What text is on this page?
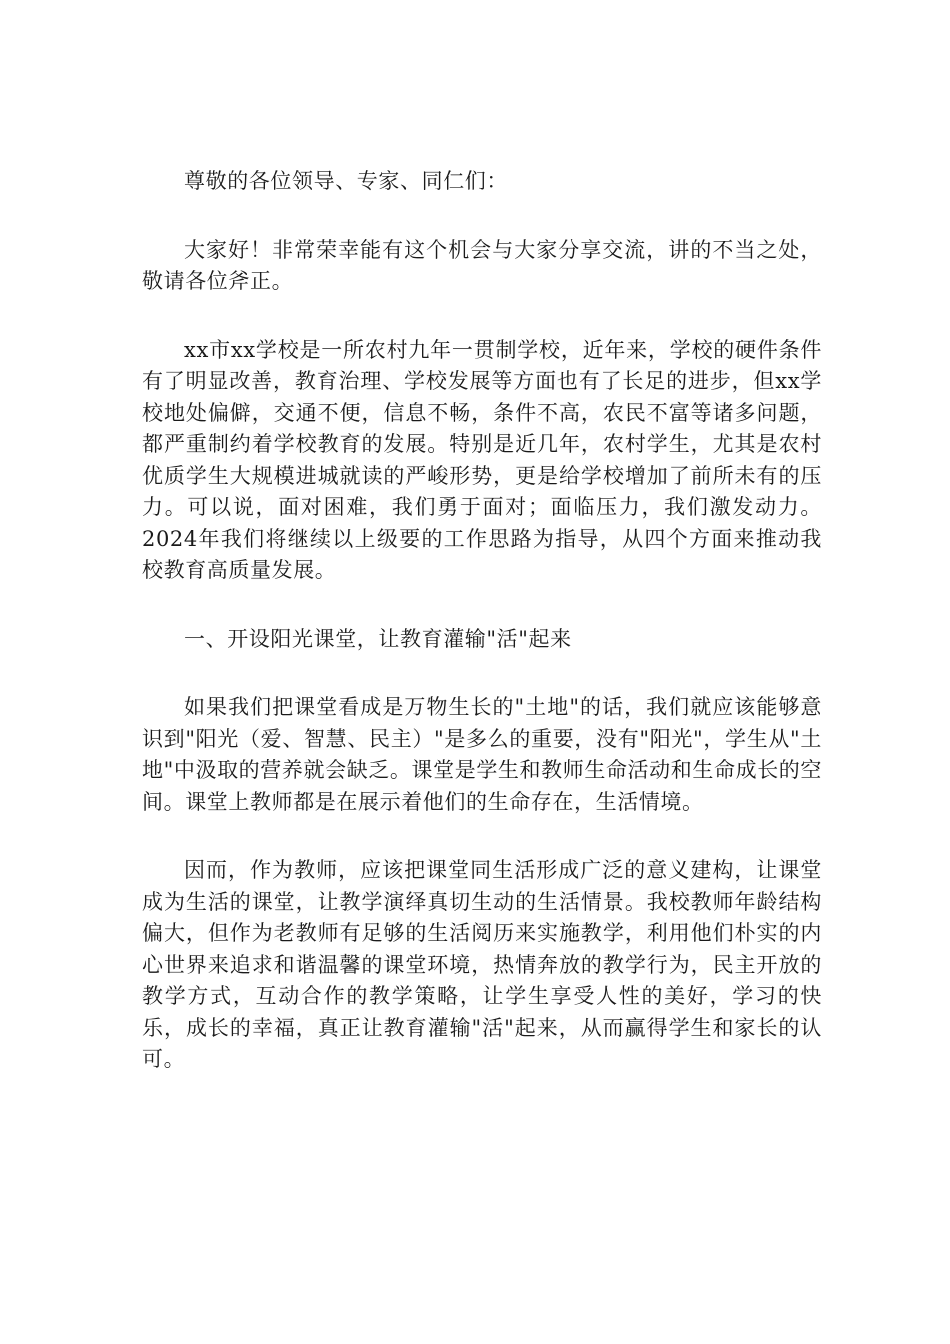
尊敬的各位领导、专家、同仁们：

大家好！非常荣幸能有这个机会与大家分享交流，讲的不当之处，敬请各位斧正。

xx市xx学校是一所农村九年一贯制学校，近年来，学校的硬件条件有了明显改善，教育治理、学校发展等方面也有了长足的进步，但xx学校地处偏僻，交通不便，信息不畅，条件不高，农民不富等诸多问题，都严重制约着学校教育的发展。特别是近几年，农村学生，尤其是农村优质学生大规模进城就读的严峻形势，更是给学校增加了前所未有的压力。可以说，面对困难，我们勇于面对；面临压力，我们激发动力。2024年我们将继续以上级要的工作思路为指导，从四个方面来推动我校教育高质量发展。

一、开设阳光课堂，让教育灌输"活"起来

如果我们把课堂看成是万物生长的"土地"的话，我们就应该能够意识到"阳光（爱、智慧、民主）"是多么的重要，没有"阳光"，学生从"土地"中汲取的营养就会缺乏。课堂是学生和教师生命活动和生命成长的空间。课堂上教师都是在展示着他们的生命存在，生活情境。

因而，作为教师，应该把课堂同生活形成广泛的意义建构，让课堂成为生活的课堂，让教学演绎真切生动的生活情景。我校教师年龄结构偏大，但作为老教师有足够的生活阅历来实施教学，利用他们朴实的内心世界来追求和谐温馨的课堂环境，热情奔放的教学行为，民主开放的教学方式，互动合作的教学策略，让学生享受人性的美好，学习的快乐，成长的幸福，真正让教育灌输"活"起来，从而赢得学生和家长的认可。
